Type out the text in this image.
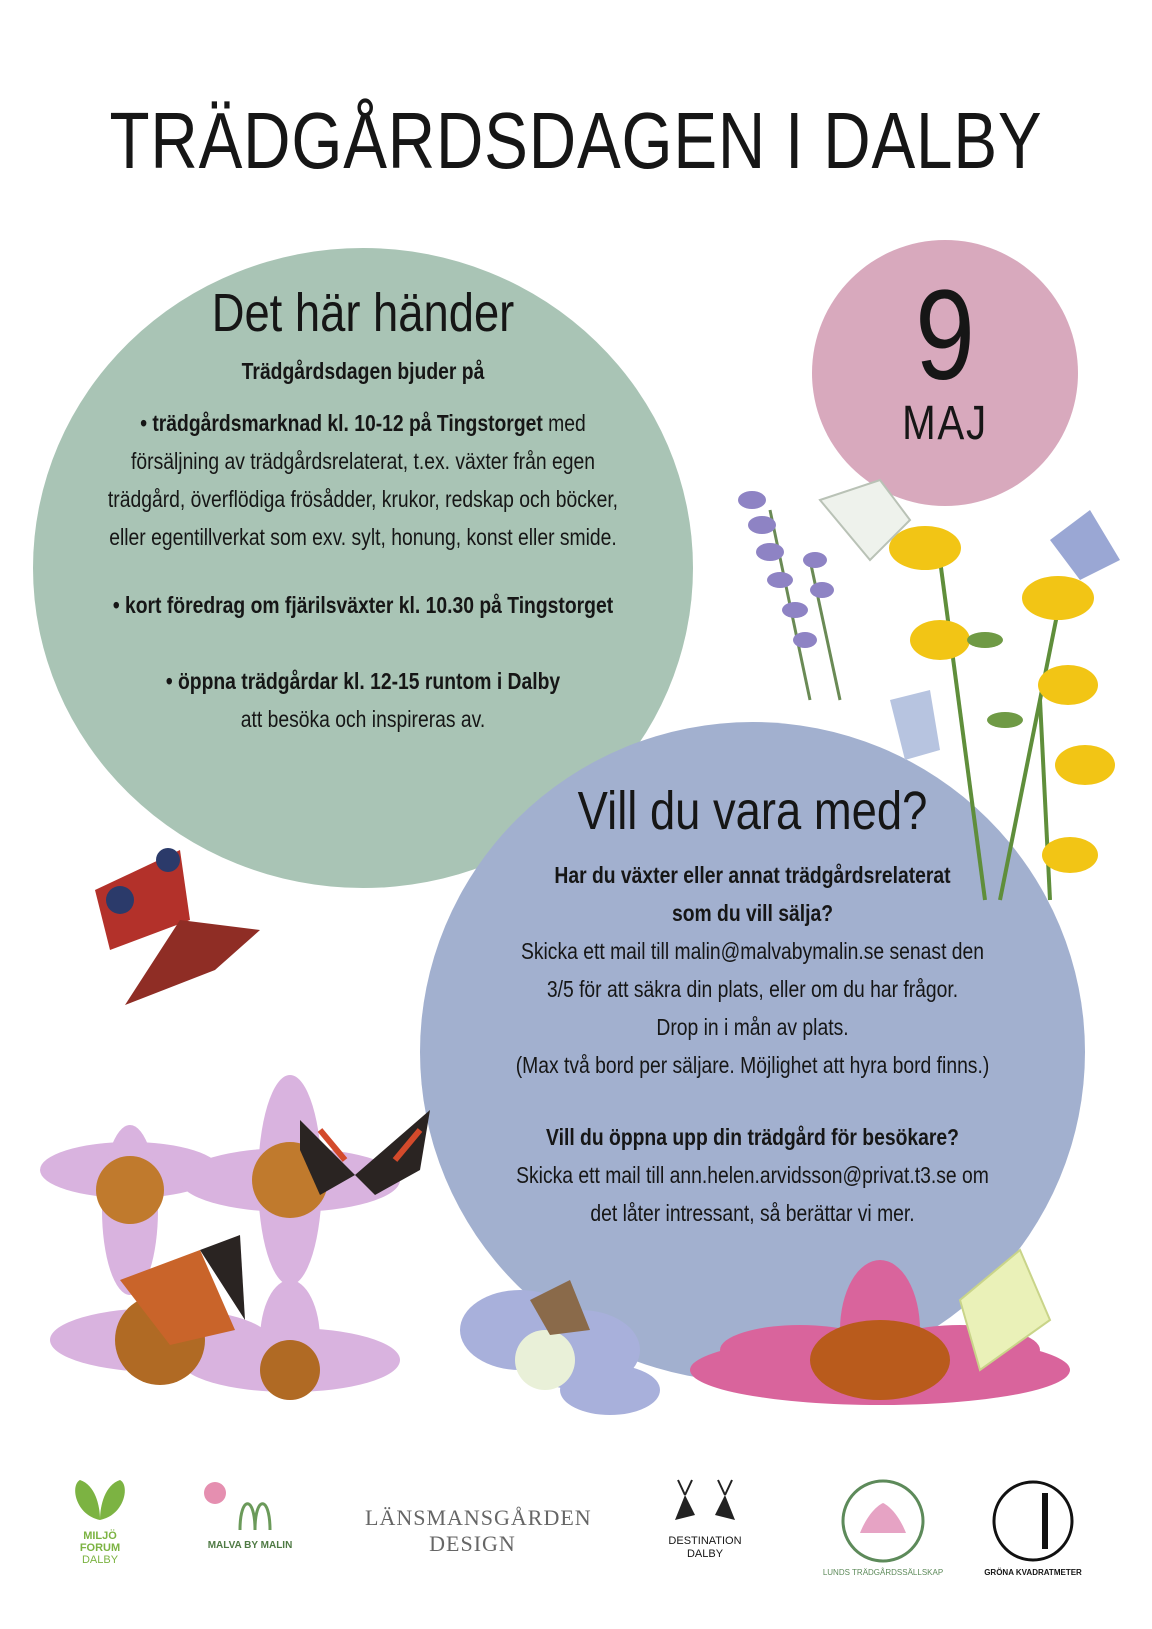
TRÄDGÅRDSDAGEN I DALBY
9
MAJ
Det här händer
Trädgårdsdagen bjuder på
• trädgårdsmarknad kl. 10-12 på Tingstorget med
försäljning av trädgårdsrelaterat, t.ex. växter från egen
trädgård, överflödiga frösådder, krukor, redskap och böcker,
eller egentillverkat som exv. sylt, honung, konst eller smide.
• kort föredrag om fjärilsväxter kl. 10.30 på Tingstorget
• öppna trädgårdar kl. 12-15 runtom i Dalby
att besöka och inspireras av.
Vill du vara med?
Har du växter eller annat trädgårdsrelaterat
som du vill sälja?
Skicka ett mail till malin@malvabymalin.se senast den
3/5 för att säkra din plats, eller om du har frågor.
Drop in i mån av plats.
(Max två bord per säljare. Möjlighet att hyra bord finns.)
Vill du öppna upp din trädgård för besökare?
Skicka ett mail till ann.helen.arvidsson@privat.t3.se om
det låter intressant, så berättar vi mer.
MILJÖ
FORUM
DALBY
MALVA BY MALIN
LÄNSMANSGÅRDEN
DESIGN	DESTINATION
DALBY
LUNDS TRÄDGÅRDSSÄLLSKAP	GRÖNA KVADRATMETER
